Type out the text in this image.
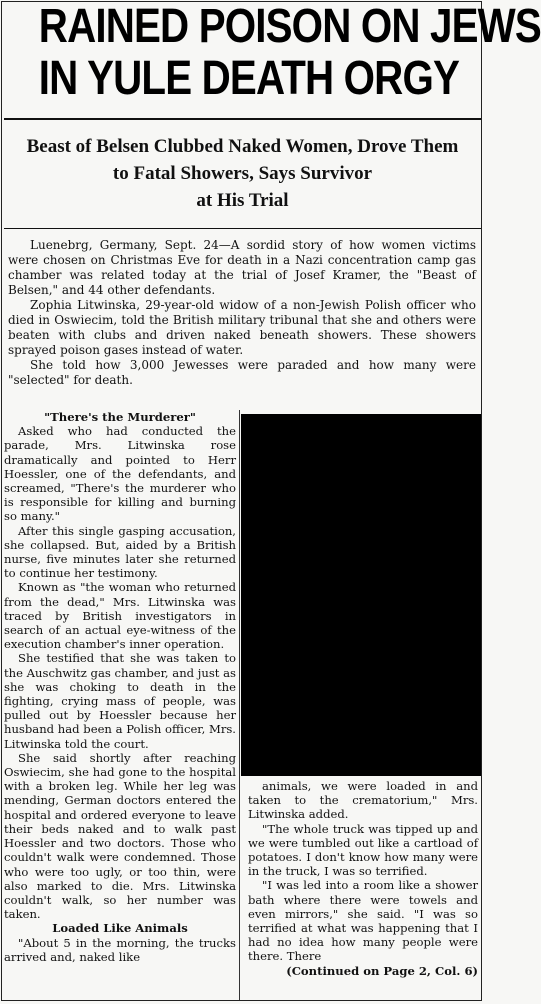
RAINED POISON ON JEWS
IN YULE DEATH ORGY
Beast of Belsen Clubbed Naked Women, Drove Them
to Fatal Showers, Says Survivor
at His Trial

Luenebrg, Germany, Sept. 24—A sordid story of how women victims were chosen on Christmas Eve for death in a Nazi concentration camp gas chamber was related today at the trial of Josef Kramer, the "Beast of Belsen," and 44 other defendants.

Zophia Litwinska, 29-year-old widow of a non-Jewish Polish officer who died in Oswiecim, told the British military tribunal that she and others were beaten with clubs and driven naked beneath showers. These showers sprayed poison gases instead of water.

She told how 3,000 Jewesses were paraded and how many were "selected" for death.

"There's the Murderer"

Asked who had conducted the parade, Mrs. Litwinska rose dramatically and pointed to Herr Hoessler, one of the defendants, and screamed, "There's the murderer who is responsible for killing and burning so many."

After this single gasping accusation, she collapsed. But, aided by a British nurse, five minutes later she returned to continue her testimony.

Known as "the woman who returned from the dead," Mrs. Litwinska was traced by British investigators in search of an actual eye-witness of the execution chamber's inner operation.

She testified that she was taken to the Auschwitz gas chamber, and just as she was choking to death in the fighting, crying mass of people, was pulled out by Hoessler because her husband had been a Polish officer, Mrs. Litwinska told the court.

She said shortly after reaching Oswiecim, she had gone to the hospital with a broken leg. While her leg was mending, German doctors entered the hospital and ordered everyone to leave their beds naked and to walk past Hoessler and two doctors. Those who couldn't walk were condemned. Those who were too ugly, or too thin, were also marked to die. Mrs. Litwinska couldn't walk, so her number was taken.

Loaded Like Animals

"About 5 in the morning, the trucks arrived and, naked like

animals, we were loaded in and taken to the crematorium," Mrs. Litwinska added.

"The whole truck was tipped up and we were tumbled out like a cartload of potatoes. I don't know how many were in the truck, I was so terrified.

"I was led into a room like a shower bath where there were towels and even mirrors," she said. "I was so terrified at what was happening that I had no idea how many people were there. There

(Continued on Page 2, Col. 6)
